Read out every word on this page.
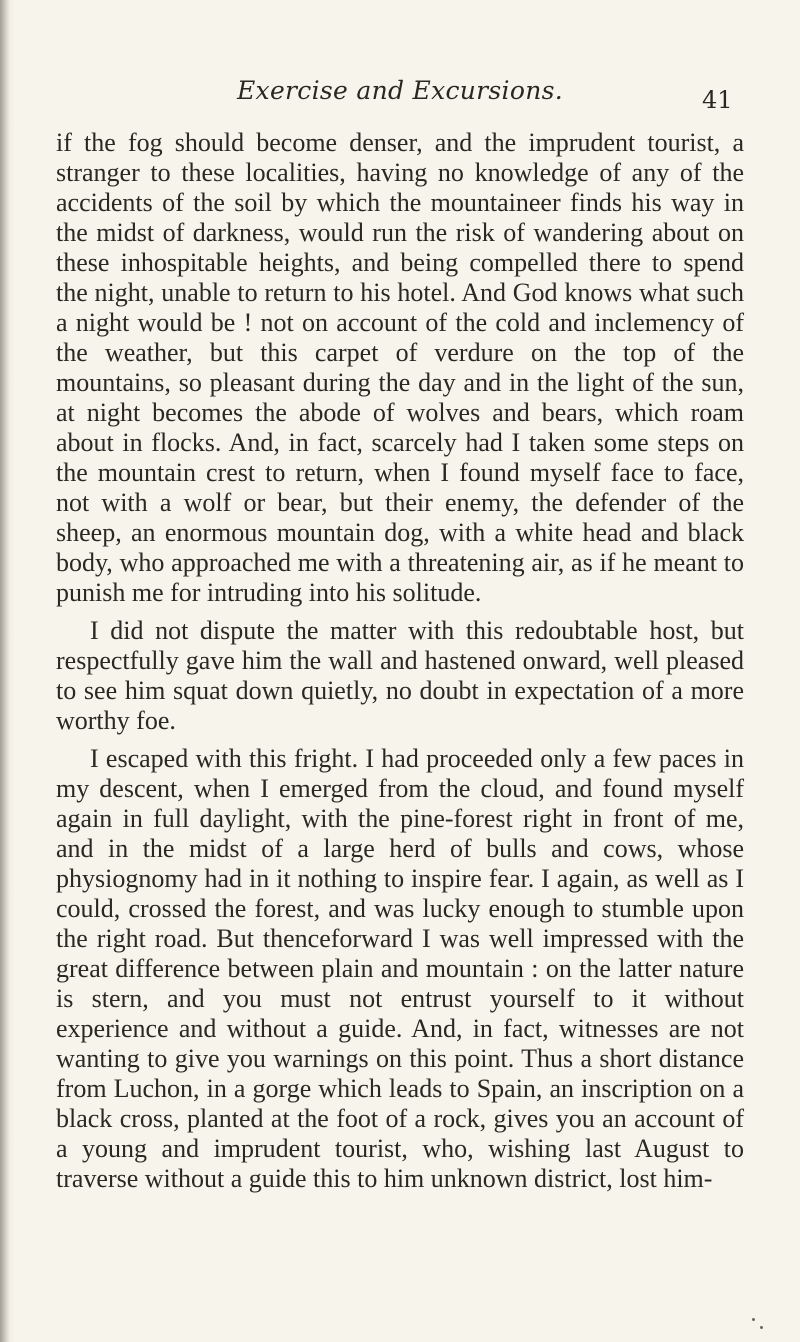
Exercise and Excursions.	41

if the fog should become denser, and the imprudent tourist, a stranger to these localities, having no knowledge of any of the accidents of the soil by which the mountaineer finds his way in the midst of darkness, would run the risk of wandering about on these inhospitable heights, and being compelled there to spend the night, unable to return to his hotel. And God knows what such a night would be ! not on account of the cold and inclemency of the weather, but this carpet of verdure on the top of the mountains, so pleasant during the day and in the light of the sun, at night becomes the abode of wolves and bears, which roam about in flocks. And, in fact, scarcely had I taken some steps on the mountain crest to return, when I found myself face to face, not with a wolf or bear, but their enemy, the defender of the sheep, an enormous mountain dog, with a white head and black body, who approached me with a threatening air, as if he meant to punish me for intruding into his solitude.

I did not dispute the matter with this redoubtable host, but respectfully gave him the wall and hastened onward, well pleased to see him squat down quietly, no doubt in expectation of a more worthy foe.

I escaped with this fright. I had proceeded only a few paces in my descent, when I emerged from the cloud, and found myself again in full daylight, with the pine-forest right in front of me, and in the midst of a large herd of bulls and cows, whose physiognomy had in it nothing to inspire fear. I again, as well as I could, crossed the forest, and was lucky enough to stumble upon the right road. But thenceforward I was well impressed with the great difference between plain and mountain : on the latter nature is stern, and you must not entrust yourself to it without experience and without a guide. And, in fact, witnesses are not wanting to give you warnings on this point. Thus a short distance from Luchon, in a gorge which leads to Spain, an inscription on a black cross, planted at the foot of a rock, gives you an account of a young and imprudent tourist, who, wishing last August to traverse without a guide this to him unknown district, lost him-
